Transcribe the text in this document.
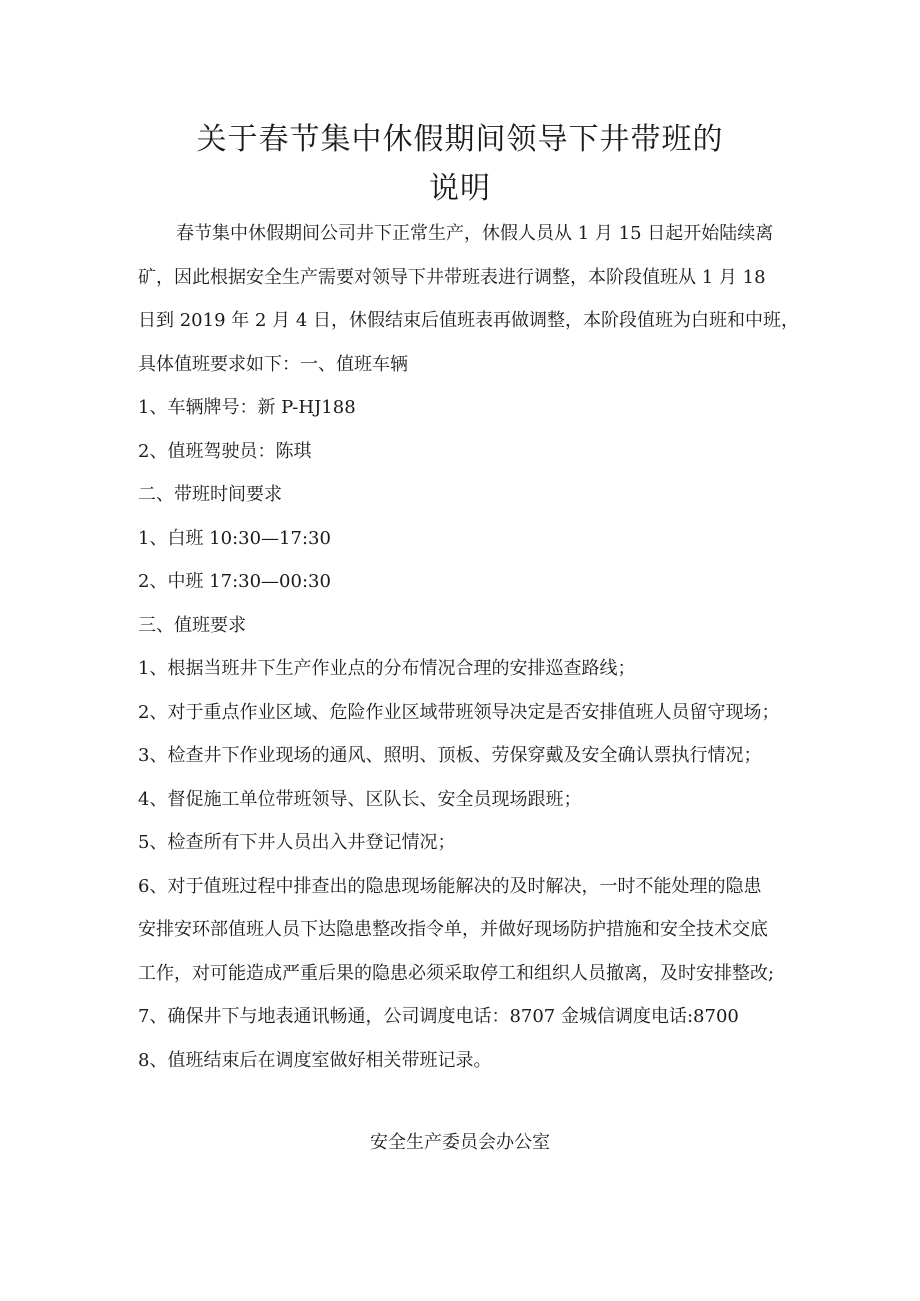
关于春节集中休假期间领导下井带班的
说明

春节集中休假期间公司井下正常生产，休假人员从 1 月 15 日起开始陆续离

矿，因此根据安全生产需要对领导下井带班表进行调整，本阶段值班从 1 月 18

日到 2019 年 2 月 4 日，休假结束后值班表再做调整，本阶段值班为白班和中班，

具体值班要求如下：一、值班车辆

1、车辆牌号：新 P-HJ188

2、值班驾驶员：陈琪

二、带班时间要求

1、白班 10:30—17:30

2、中班 17:30—00:30

三、值班要求

1、根据当班井下生产作业点的分布情况合理的安排巡查路线；

2、对于重点作业区域、危险作业区域带班领导决定是否安排值班人员留守现场；

3、检查井下作业现场的通风、照明、顶板、劳保穿戴及安全确认票执行情况；

4、督促施工单位带班领导、区队长、安全员现场跟班；

5、检查所有下井人员出入井登记情况；

6、对于值班过程中排查出的隐患现场能解决的及时解决，一时不能处理的隐患

安排安环部值班人员下达隐患整改指令单，并做好现场防护措施和安全技术交底

工作，对可能造成严重后果的隐患必须采取停工和组织人员撤离，及时安排整改;

7、确保井下与地表通讯畅通，公司调度电话：8707 金城信调度电话:8700

8、值班结束后在调度室做好相关带班记录。

安全生产委员会办公室
